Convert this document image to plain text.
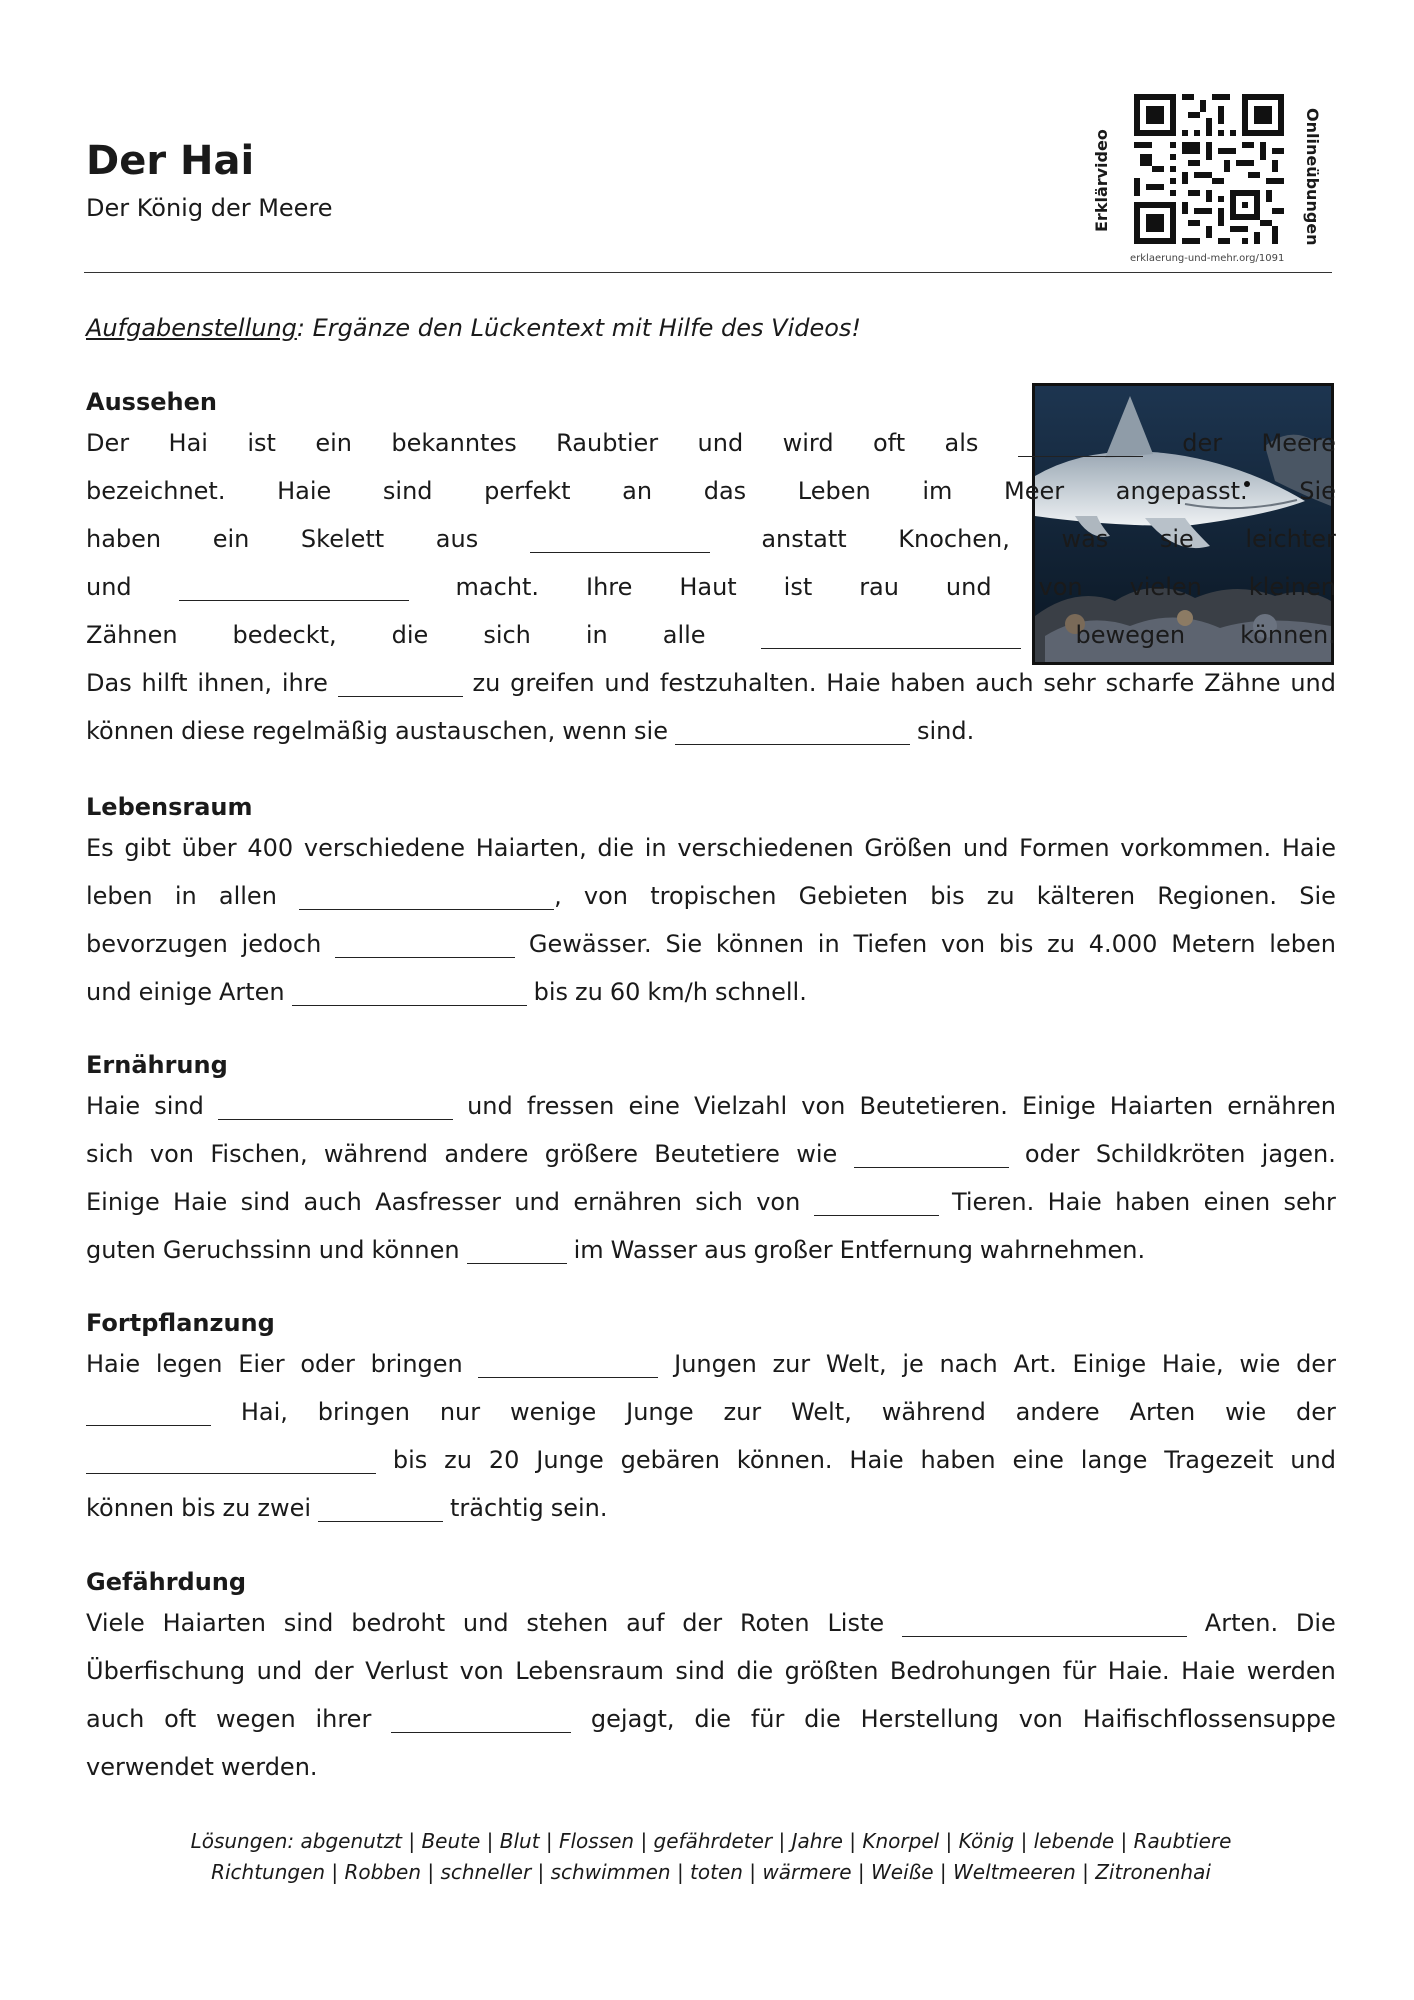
Der Hai
Der König der Meere	Erklärvideo	Onlineübungen
erklaerung-und-mehr.org/1091
Aufgabenstellung: Ergänze den Lückentext mit Hilfe des Videos!
Aussehen
Der Hai ist ein bekanntes Raubtier und wird oft als	der Meere
bezeichnet. Haie sind perfekt an das Leben im Meer angepasst. Sie
haben ein Skelett aus	anstatt Knochen, was sie leichter
und	macht. Ihre Haut ist rau und von vielen kleinen
Zähnen bedeckt, die sich in alle	bewegen können.
Das hilft ihnen, ihre	zu greifen und festzuhalten. Haie haben auch sehr scharfe Zähne und
können diese regelmäßig austauschen, wenn sie	sind.
Lebensraum
Es gibt über 400 verschiedene Haiarten, die in verschiedenen Größen und Formen vorkommen. Haie
leben in allen	, von tropischen Gebieten bis zu kälteren Regionen. Sie
bevorzugen jedoch	Gewässer. Sie können in Tiefen von bis zu 4.000 Metern leben
und einige Arten	bis zu 60 km/h schnell.
Ernährung
Haie sind	und fressen eine Vielzahl von Beutetieren. Einige Haiarten ernähren
sich von Fischen, während andere größere Beutetiere wie	oder Schildkröten jagen.
Einige Haie sind auch Aasfresser und ernähren sich von	Tieren. Haie haben einen sehr
guten Geruchssinn und können	im Wasser aus großer Entfernung wahrnehmen.
Fortpflanzung
Haie legen Eier oder bringen	Jungen zur Welt, je nach Art. Einige Haie, wie der
Hai, bringen nur wenige Junge zur Welt, während andere Arten wie der
bis zu 20 Junge gebären können. Haie haben eine lange Tragezeit und
können bis zu zwei	trächtig sein.
Gefährdung
Viele Haiarten sind bedroht und stehen auf der Roten Liste	Arten. Die
Überfischung und der Verlust von Lebensraum sind die größten Bedrohungen für Haie. Haie werden
auch oft wegen ihrer	gejagt, die für die Herstellung von Haifischflossensuppe
verwendet werden.
Lösungen: abgenutzt | Beute | Blut | Flossen | gefährdeter | Jahre | Knorpel | König | lebende | Raubtiere
Richtungen | Robben | schneller | schwimmen | toten | wärmere | Weiße | Weltmeeren | Zitronenhai
